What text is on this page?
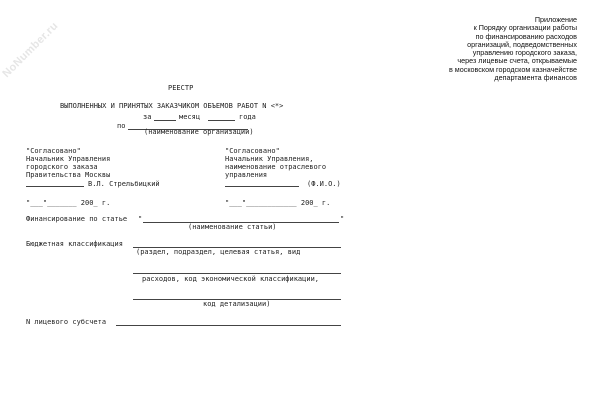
NoNumber.ru
Приложение
к Порядку организации работы
по финансированию расходов
организаций, подведомственных
управлению городского заказа,
через лицевые счета, открываемые
в московском городском казначействе
департамента финансов
РЕЕСТР
ВЫПОЛНЕННЫХ И ПРИНЯТЫХ ЗАКАЗЧИКОМ ОБЪЕМОВ РАБОТ N <*>
за	месяц	года
по
(наименование организации)
"Согласовано"
Начальник Управления
городского заказа
Правительства Москвы
В.Л. Стрельбицкий
"___"_______ 200_ г.
"Согласовано"
Начальник Управления,
наименование отраслевого
управления
(Ф.И.О.)
"___"____________ 200_ г.
Финансирование по статье "	"
(наименование статьи)
Бюджетная классификация
(раздел, подраздел, целевая статья, вид
расходов, код экономической классификации,
код детализации)
N лицевого субсчета
